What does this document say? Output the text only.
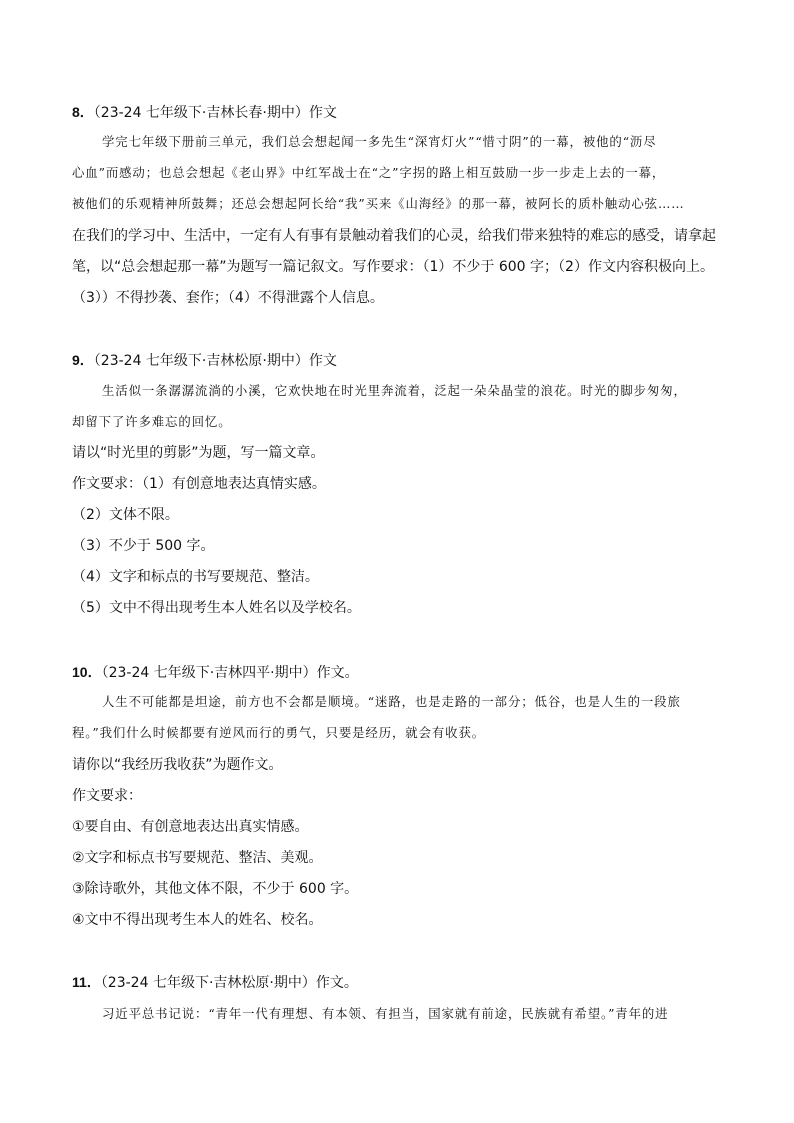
8．（23-24 七年级下·吉林长春·期中）作文
学完七年级下册前三单元，我们总会想起闻一多先生“深宵灯火”“惜寸阴”的一幕，被他的“沥尽
心血”而感动；也总会想起《老山界》中红军战士在“之”字拐的路上相互鼓励一步一步走上去的一幕，
被他们的乐观精神所鼓舞；还总会想起阿长给“我”买来《山海经》的那一幕，被阿长的质朴触动心弦……
在我们的学习中、生活中，一定有人有事有景触动着我们的心灵，给我们带来独特的难忘的感受，请拿起
笔，以“总会想起那一幕”为题写一篇记叙文。写作要求：（1）不少于 600 字；（2）作文内容积极向上。
（3））不得抄袭、套作；（4）不得泄露个人信息。
9．（23-24 七年级下·吉林松原·期中）作文
生活似一条潺潺流淌的小溪，它欢快地在时光里奔流着，泛起一朵朵晶莹的浪花。时光的脚步匆匆，
却留下了许多难忘的回忆。
请以“时光里的剪影”为题，写一篇文章。
作文要求：（1）有创意地表达真情实感。
（2）文体不限。
（3）不少于 500 字。
（4）文字和标点的书写要规范、整洁。
（5）文中不得出现考生本人姓名以及学校名。
10．（23-24 七年级下·吉林四平·期中）作文。
人生不可能都是坦途，前方也不会都是顺境。“迷路，也是走路的一部分；低谷，也是人生的一段旅
程。”我们什么时候都要有逆风而行的勇气，只要是经历，就会有收获。
请你以“我经历我收获”为题作文。
作文要求：
①要自由、有创意地表达出真实情感。
②文字和标点书写要规范、整洁、美观。
③除诗歌外，其他文体不限，不少于 600 字。
④文中不得出现考生本人的姓名、校名。
11．（23-24 七年级下·吉林松原·期中）作文。
习近平总书记说：“青年一代有理想、有本领、有担当，国家就有前途，民族就有希望。”青年的进
